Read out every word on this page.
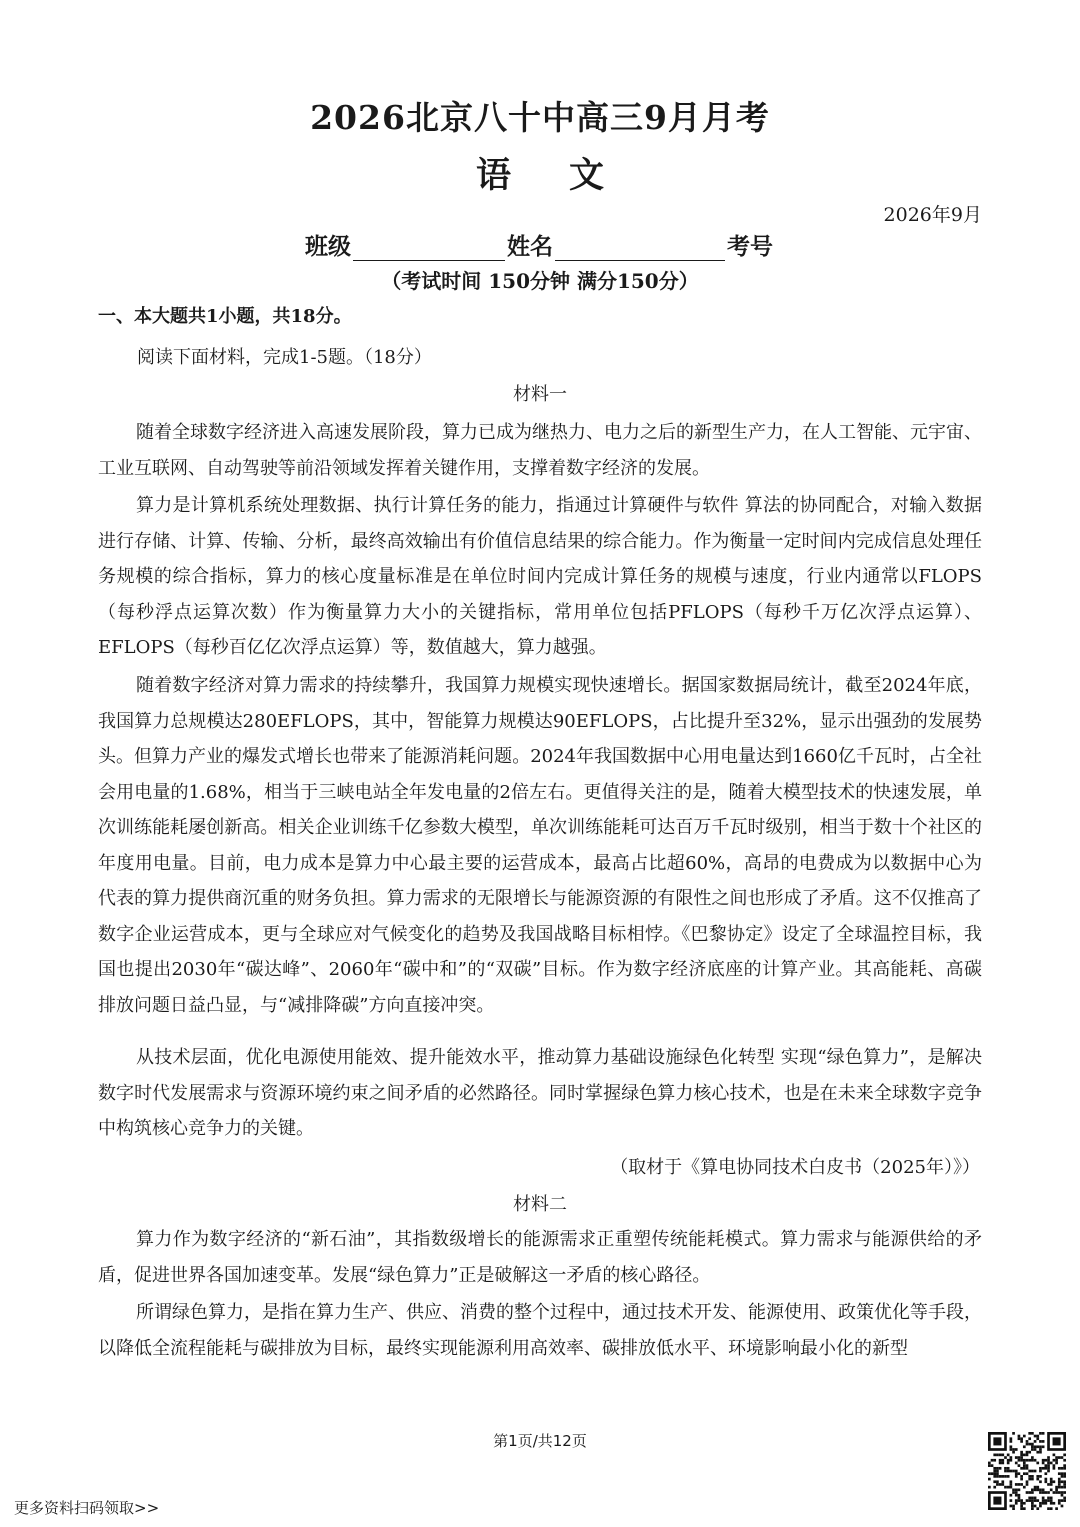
2026北京八十中高三9月月考
语文
2026年9月
班级	姓名	考号
（考试时间 150分钟 满分150分）
一、本大题共1小题，共18分。
阅读下面材料，完成1-5题。（18分）
材料一

随着全球数字经济进入高速发展阶段，算力已成为继热力、电力之后的新型生产力，在人工智能、元宇宙、工业互联网、自动驾驶等前沿领域发挥着关键作用，支撑着数字经济的发展。

算力是计算机系统处理数据、执行计算任务的能力，指通过计算硬件与软件 算法的协同配合，对输入数据进行存储、计算、传输、分析，最终高效输出有价值信息结果的综合能力。作为衡量一定时间内完成信息处理任务规模的综合指标，算力的核心度量标准是在单位时间内完成计算任务的规模与速度，行业内通常以FLOPS（每秒浮点运算次数）作为衡量算力大小的关键指标，常用单位包括PFLOPS（每秒千万亿次浮点运算）、EFLOPS（每秒百亿亿次浮点运算）等，数值越大，算力越强。

随着数字经济对算力需求的持续攀升，我国算力规模实现快速增长。据国家数据局统计，截至2024年底，我国算力总规模达280EFLOPS，其中，智能算力规模达90EFLOPS，占比提升至32%，显示出强劲的发展势头。但算力产业的爆发式增长也带来了能源消耗问题。2024年我国数据中心用电量达到1660亿千瓦时，占全社会用电量的1.68%，相当于三峡电站全年发电量的2倍左右。更值得关注的是，随着大模型技术的快速发展，单次训练能耗屡创新高。相关企业训练千亿参数大模型，单次训练能耗可达百万千瓦时级别，相当于数十个社区的年度用电量。目前，电力成本是算力中心最主要的运营成本，最高占比超60%，高昂的电费成为以数据中心为代表的算力提供商沉重的财务负担。算力需求的无限增长与能源资源的有限性之间也形成了矛盾。这不仅推高了数字企业运营成本，更与全球应对气候变化的趋势及我国战略目标相悖。《巴黎协定》设定了全球温控目标，我国也提出2030年“碳达峰”、2060年“碳中和”的“双碳”目标。作为数字经济底座的计算产业。其高能耗、高碳排放问题日益凸显，与“减排降碳”方向直接冲突。

从技术层面，优化电源使用能效、提升能效水平，推动算力基础设施绿色化转型 实现“绿色算力”，是解决数字时代发展需求与资源环境约束之间矛盾的必然路径。同时掌握绿色算力核心技术，也是在未来全球数字竞争中构筑核心竞争力的关键。

（取材于《算电协同技术白皮书（2025年）》）
材料二

算力作为数字经济的“新石油”，其指数级增长的能源需求正重塑传统能耗模式。算力需求与能源供给的矛盾，促进世界各国加速变革。发展“绿色算力”正是破解这一矛盾的核心路径。

所谓绿色算力，是指在算力生产、供应、消费的整个过程中，通过技术开发、能源使用、政策优化等手段，以降低全流程能耗与碳排放为目标，最终实现能源利用高效率、碳排放低水平、环境影响最小化的新型

第1页/共12页
更多资料扫码领取>>
